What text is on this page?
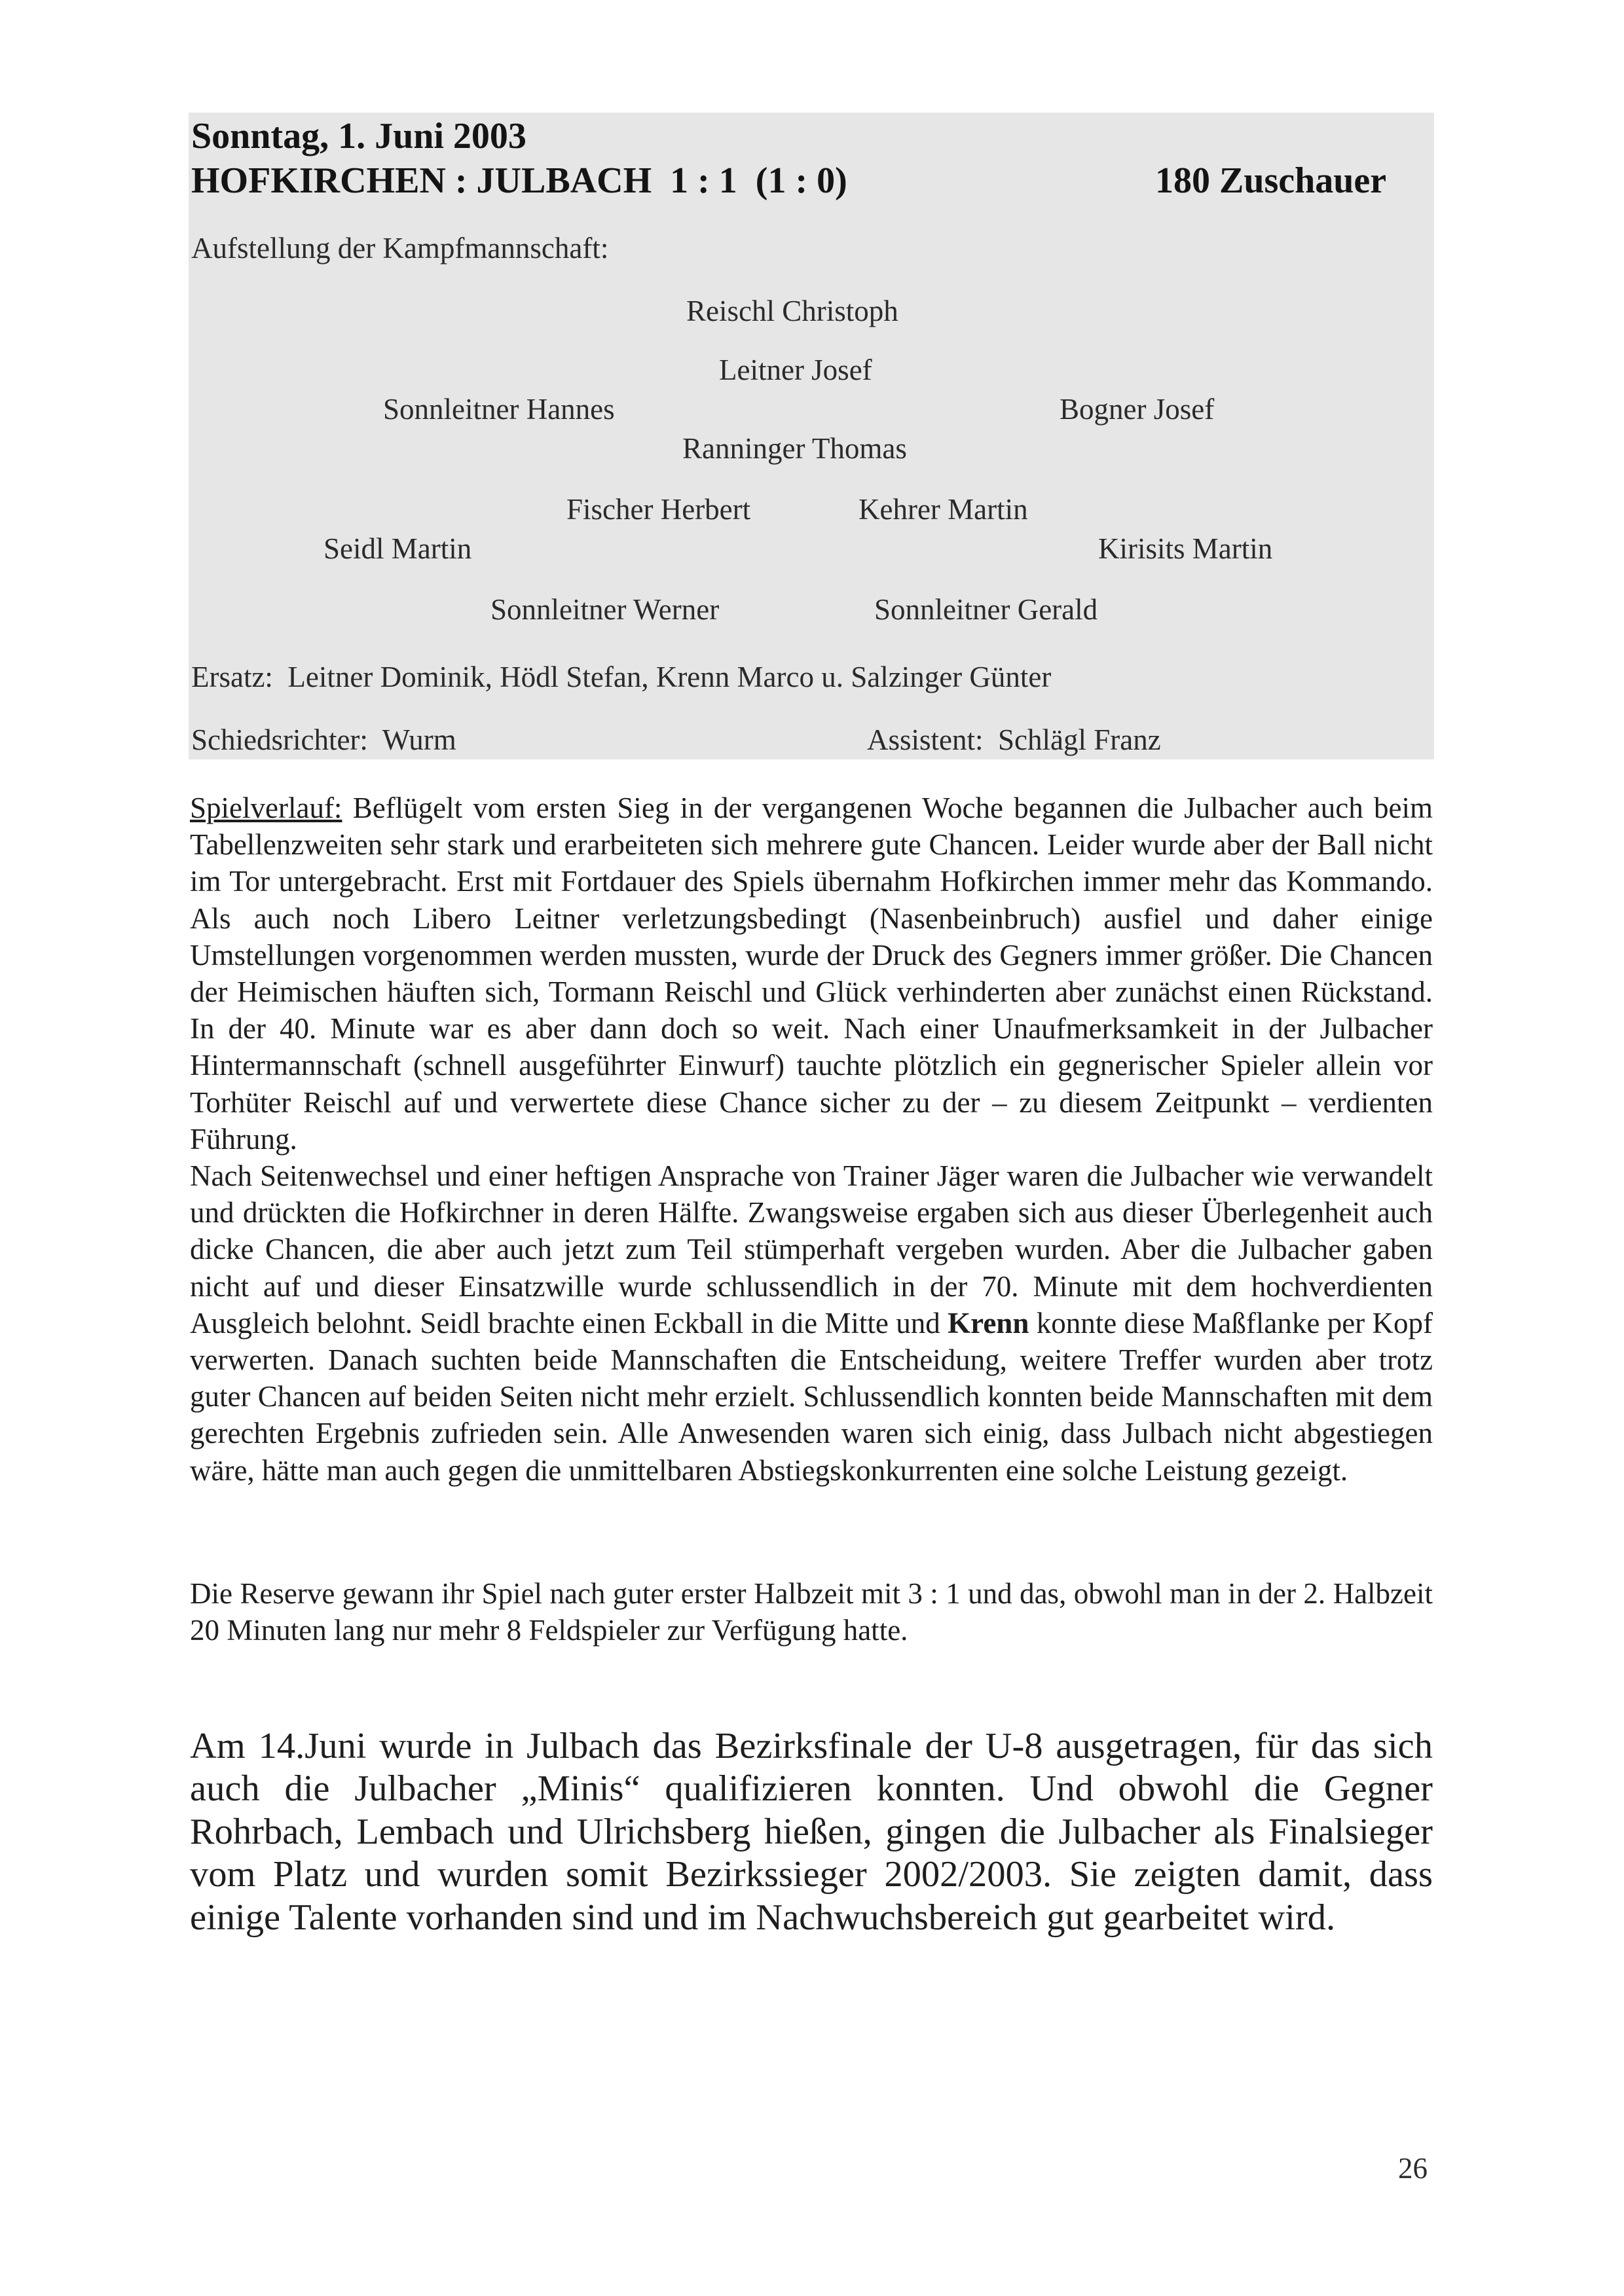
Sonntag, 1. Juni 2003
HOFKIRCHEN : JULBACH  1 : 1  (1 : 0)	180 Zuschauer
Aufstellung der Kampfmannschaft:
Reischl Christoph
Leitner Josef
Sonnleitner Hannes	Bogner Josef
Ranninger Thomas
Fischer Herbert	Kehrer Martin
Seidl Martin	Kirisits Martin
Sonnleitner Werner	Sonnleitner Gerald
Ersatz:  Leitner Dominik, Hödl Stefan, Krenn Marco u. Salzinger Günter
Schiedsrichter:  Wurm	Assistent:  Schlägl Franz

Spielverlauf: Beflügelt vom ersten Sieg in der vergangenen Woche begannen die Julbacher auch beim Tabellenzweiten sehr stark und erarbeiteten sich mehrere gute Chancen. Leider wurde aber der Ball nicht im Tor untergebracht. Erst mit Fortdauer des Spiels übernahm Hofkirchen immer mehr das Kommando. Als auch noch Libero Leitner verletzungsbedingt (Nasenbeinbruch) ausfiel und daher einige Umstellungen vorgenommen werden mussten, wurde der Druck des Gegners immer größer. Die Chancen der Heimischen häuften sich, Tormann Reischl und Glück verhinderten aber zunächst einen Rückstand. In der 40. Minute war es aber dann doch so weit. Nach einer Unaufmerksamkeit in der Julbacher Hintermannschaft (schnell ausgeführter Einwurf) tauchte plötzlich ein gegnerischer Spieler allein vor Torhüter Reischl auf und verwertete diese Chance sicher zu der – zu diesem Zeitpunkt – verdienten Führung.

Nach Seitenwechsel und einer heftigen Ansprache von Trainer Jäger waren die Julbacher wie verwandelt und drückten die Hofkirchner in deren Hälfte. Zwangsweise ergaben sich aus dieser Überlegenheit auch dicke Chancen, die aber auch jetzt zum Teil stümperhaft vergeben wurden. Aber die Julbacher gaben nicht auf und dieser Einsatzwille wurde schlussendlich in der 70. Minute mit dem hochverdienten Ausgleich belohnt. Seidl brachte einen Eckball in die Mitte und Krenn konnte diese Maßflanke per Kopf verwerten. Danach suchten beide Mannschaften die Entscheidung, weitere Treffer wurden aber trotz guter Chancen auf beiden Seiten nicht mehr erzielt. Schlussendlich konnten beide Mannschaften mit dem gerechten Ergebnis zufrieden sein. Alle Anwesenden waren sich einig, dass Julbach nicht abgestiegen wäre, hätte man auch gegen die unmittelbaren Abstiegskonkurrenten eine solche Leistung gezeigt.

Die Reserve gewann ihr Spiel nach guter erster Halbzeit mit 3 : 1 und das, obwohl man in der 2. Halbzeit 20 Minuten lang nur mehr 8 Feldspieler zur Verfügung hatte.

Am 14.Juni wurde in Julbach das Bezirksfinale der U-8 ausgetragen, für das sich auch die Julbacher „Minis“ qualifizieren konnten. Und obwohl die Gegner Rohrbach, Lembach und Ulrichsberg hießen, gingen die Julbacher als Finalsieger vom Platz und wurden somit Bezirkssieger 2002/2003. Sie zeigten damit, dass einige Talente vorhanden sind und im Nachwuchsbereich gut gearbeitet wird.

26
